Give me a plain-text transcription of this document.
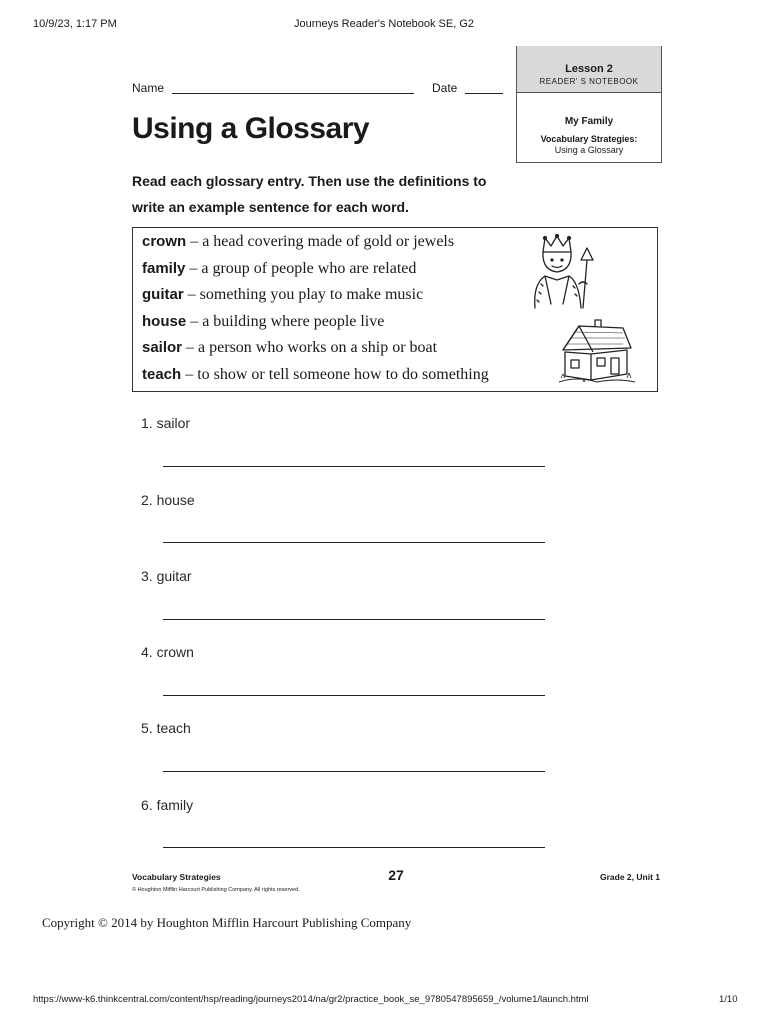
10/9/23, 1:17 PM	Journeys Reader's Notebook SE, G2
Lesson 2
READER' S NOTEBOOK
My Family
Vocabulary Strategies:
Using a Glossary
Name	Date
Using a Glossary
Read each glossary entry. Then use the definitions to write an example sentence for each word.
crown – a head covering made of gold or jewels
family – a group of people who are related
guitar – something you play to make music
house – a building where people live
sailor – a person who works on a ship or boat
teach – to show or tell someone how to do something
1. sailor
2. house
3. guitar
4. crown
5. teach
6. family
Vocabulary Strategies	27	Grade 2, Unit 1
© Houghton Mifflin Harcourt Publishing Company. All rights reserved.
Copyright © 2014 by Houghton Mifflin Harcourt Publishing Company
https://www-k6.thinkcentral.com/content/hsp/reading/journeys2014/na/gr2/practice_book_se_9780547895659_/volume1/launch.html	1/10
